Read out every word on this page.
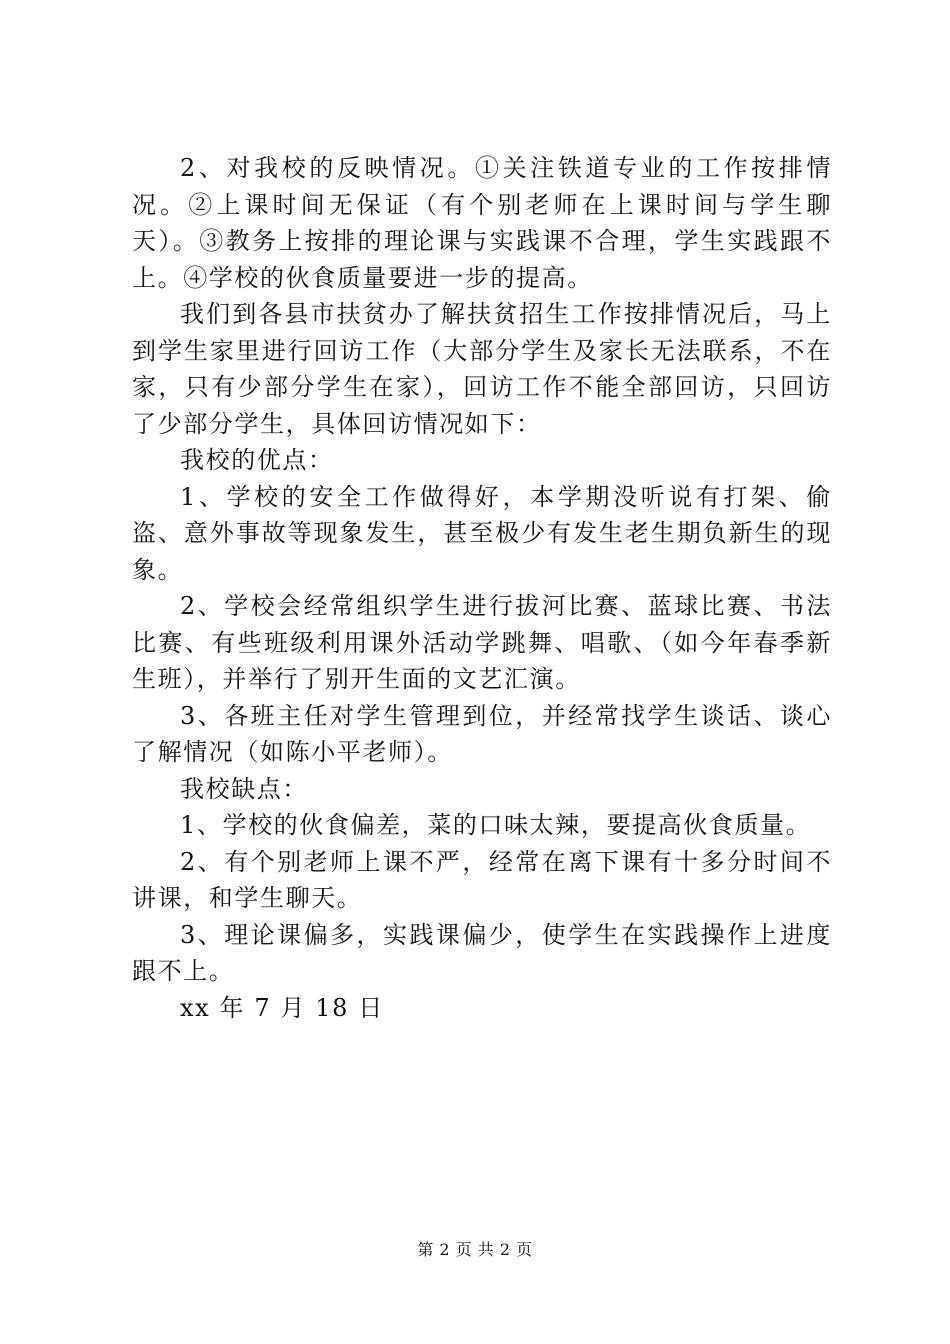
2、对我校的反映情况。①关注铁道专业的工作按排情况。②上课时间无保证（有个别老师在上课时间与学生聊天）。③教务上按排的理论课与实践课不合理，学生实践跟不上。④学校的伙食质量要进一步的提高。

我们到各县市扶贫办了解扶贫招生工作按排情况后，马上到学生家里进行回访工作（大部分学生及家长无法联系，不在家，只有少部分学生在家），回访工作不能全部回访，只回访了少部分学生，具体回访情况如下：

我校的优点：

1、学校的安全工作做得好，本学期没听说有打架、偷盗、意外事故等现象发生，甚至极少有发生老生期负新生的现象。

2、学校会经常组织学生进行拔河比赛、蓝球比赛、书法比赛、有些班级利用课外活动学跳舞、唱歌、（如今年春季新生班），并举行了别开生面的文艺汇演。

3、各班主任对学生管理到位，并经常找学生谈话、谈心了解情况（如陈小平老师）。

我校缺点：

1、学校的伙食偏差，菜的口味太辣，要提高伙食质量。

2、有个别老师上课不严，经常在离下课有十多分时间不讲课，和学生聊天。

3、理论课偏多，实践课偏少，使学生在实践操作上进度跟不上。

xx 年 7 月 18 日

第 2 页 共 2 页
